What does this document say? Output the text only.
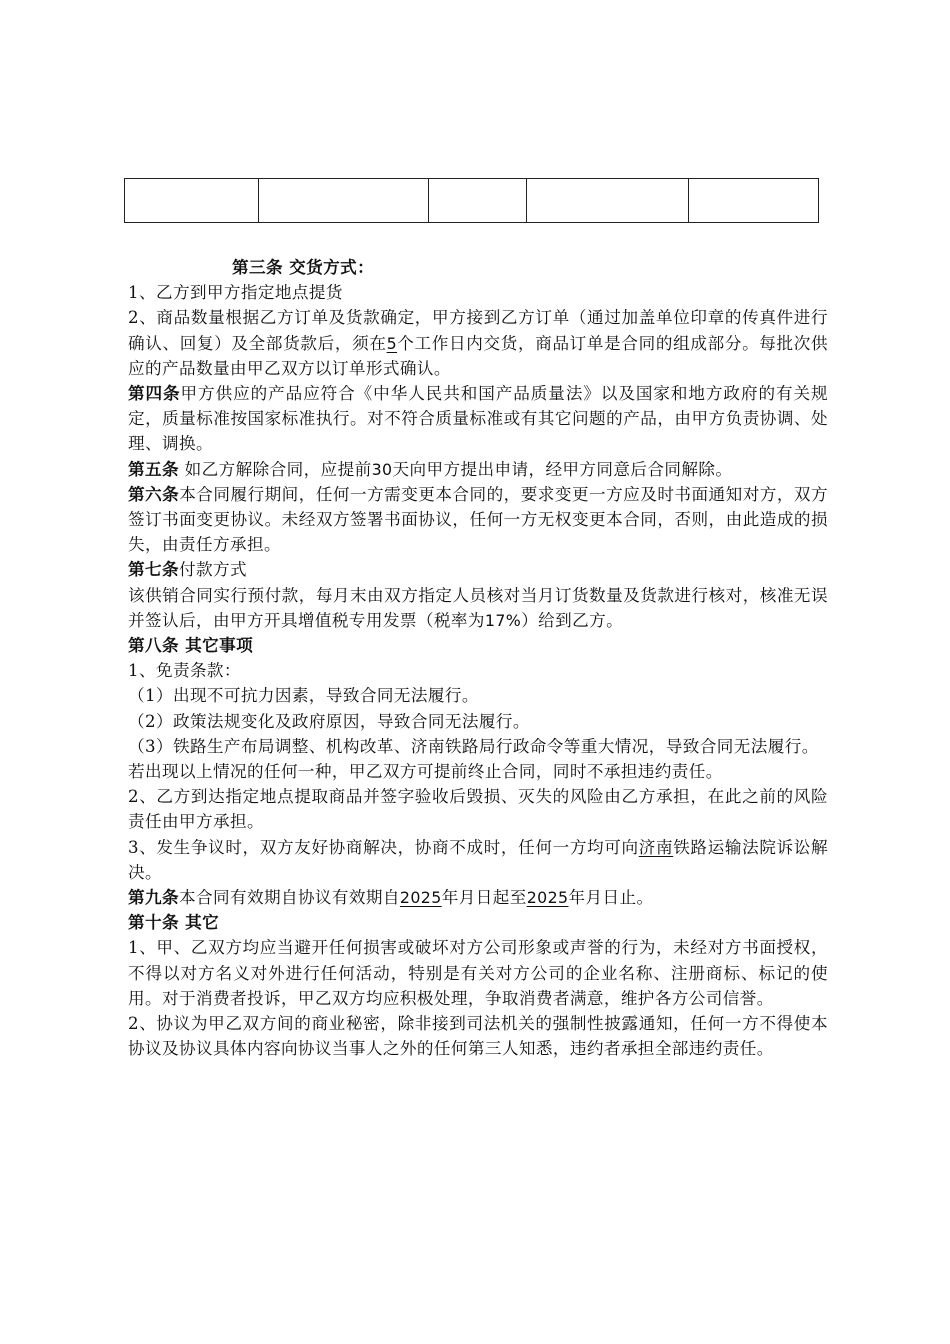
第三条 交货方式：

1、乙方到甲方指定地点提货

2、商品数量根据乙方订单及货款确定，甲方接到乙方订单（通过加盖单位印章的传真件进行确认、回复）及全部货款后，须在5个工作日内交货，商品订单是合同的组成部分。每批次供应的产品数量由甲乙双方以订单形式确认。

第四条甲方供应的产品应符合《中华人民共和国产品质量法》以及国家和地方政府的有关规定，质量标准按国家标准执行。对不符合质量标准或有其它问题的产品，由甲方负责协调、处理、调换。

第五条 如乙方解除合同，应提前30天向甲方提出申请，经甲方同意后合同解除。

第六条本合同履行期间，任何一方需变更本合同的，要求变更一方应及时书面通知对方，双方签订书面变更协议。未经双方签署书面协议，任何一方无权变更本合同，否则，由此造成的损失，由责任方承担。

第七条付款方式

该供销合同实行预付款，每月末由双方指定人员核对当月订货数量及货款进行核对，核准无误并签认后，由甲方开具增值税专用发票（税率为17%）给到乙方。

第八条 其它事项

1、免责条款：

（1）出现不可抗力因素，导致合同无法履行。

（2）政策法规变化及政府原因，导致合同无法履行。

（3）铁路生产布局调整、机构改革、济南铁路局行政命令等重大情况，导致合同无法履行。

若出现以上情况的任何一种，甲乙双方可提前终止合同，同时不承担违约责任。

2、乙方到达指定地点提取商品并签字验收后毁损、灭失的风险由乙方承担，在此之前的风险责任由甲方承担。

3、发生争议时，双方友好协商解决，协商不成时，任何一方均可向济南铁路运输法院诉讼解决。

第九条本合同有效期自协议有效期自2025年月日起至2025年月日止。

第十条 其它

1、甲、乙双方均应当避开任何损害或破坏对方公司形象或声誉的行为，未经对方书面授权，不得以对方名义对外进行任何活动，特别是有关对方公司的企业名称、注册商标、标记的使用。对于消费者投诉，甲乙双方均应积极处理，争取消费者满意，维护各方公司信誉。

2、协议为甲乙双方间的商业秘密，除非接到司法机关的强制性披露通知，任何一方不得使本协议及协议具体内容向协议当事人之外的任何第三人知悉，违约者承担全部违约责任。
